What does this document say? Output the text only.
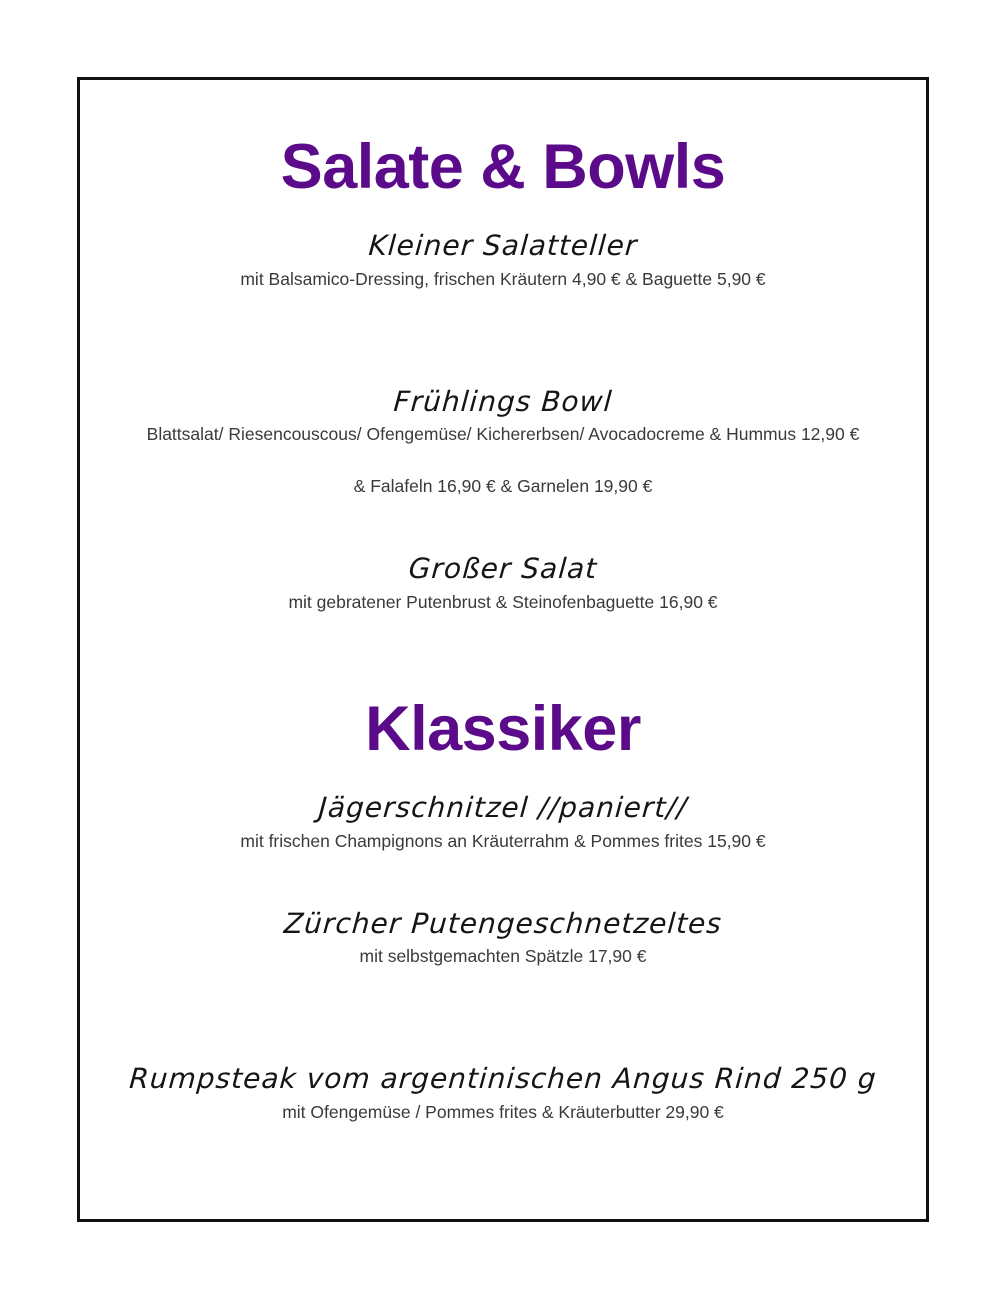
Salate & Bowls
Kleiner Salatteller
mit Balsamico-Dressing, frischen Kräutern 4,90 € & Baguette 5,90 €
Frühlings Bowl
Blattsalat/ Riesencouscous/ Ofengemüse/ Kichererbsen/ Avocadocreme & Hummus 12,90 €
& Falafeln 16,90 € & Garnelen 19,90 €
Großer Salat
mit gebratener Putenbrust & Steinofenbaguette 16,90 €
Klassiker
Jägerschnitzel //paniert//
mit frischen Champignons an Kräuterrahm & Pommes frites 15,90 €
Zürcher Putengeschnetzeltes
mit selbstgemachten Spätzle 17,90 €
Rumpsteak vom argentinischen Angus Rind 250 g
mit Ofengemüse / Pommes frites & Kräuterbutter 29,90 €
